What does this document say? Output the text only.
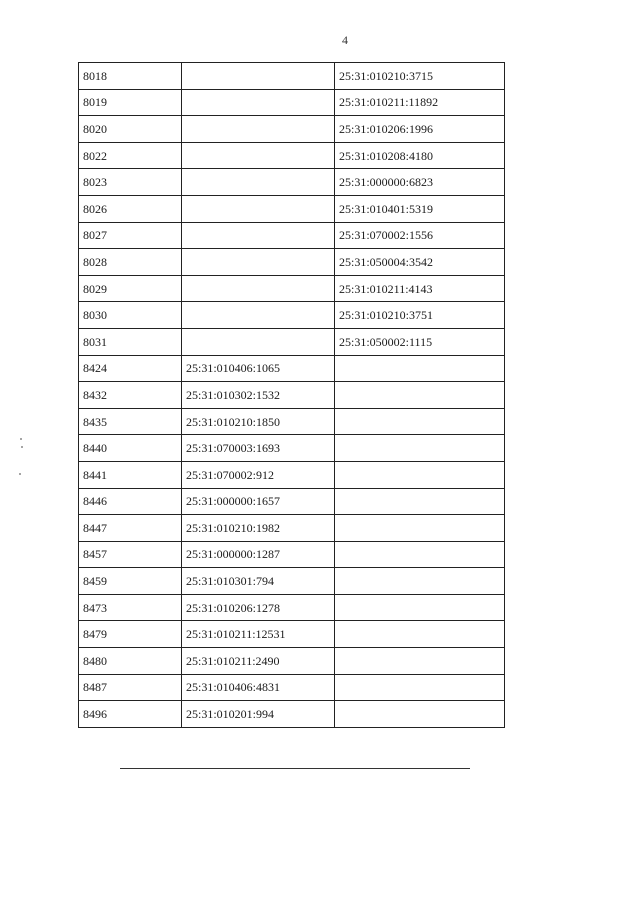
4
8018		25:31:010210:3715
8019		25:31:010211:11892
8020		25:31:010206:1996
8022		25:31:010208:4180
8023		25:31:000000:6823
8026		25:31:010401:5319
8027		25:31:070002:1556
8028		25:31:050004:3542
8029		25:31:010211:4143
8030		25:31:010210:3751
8031		25:31:050002:1115
8424	25:31:010406:1065	
8432	25:31:010302:1532	
8435	25:31:010210:1850	
8440	25:31:070003:1693	
8441	25:31:070002:912	
8446	25:31:000000:1657	
8447	25:31:010210:1982	
8457	25:31:000000:1287	
8459	25:31:010301:794	
8473	25:31:010206:1278	
8479	25:31:010211:12531	
8480	25:31:010211:2490	
8487	25:31:010406:4831	
8496	25:31:010201:994	
